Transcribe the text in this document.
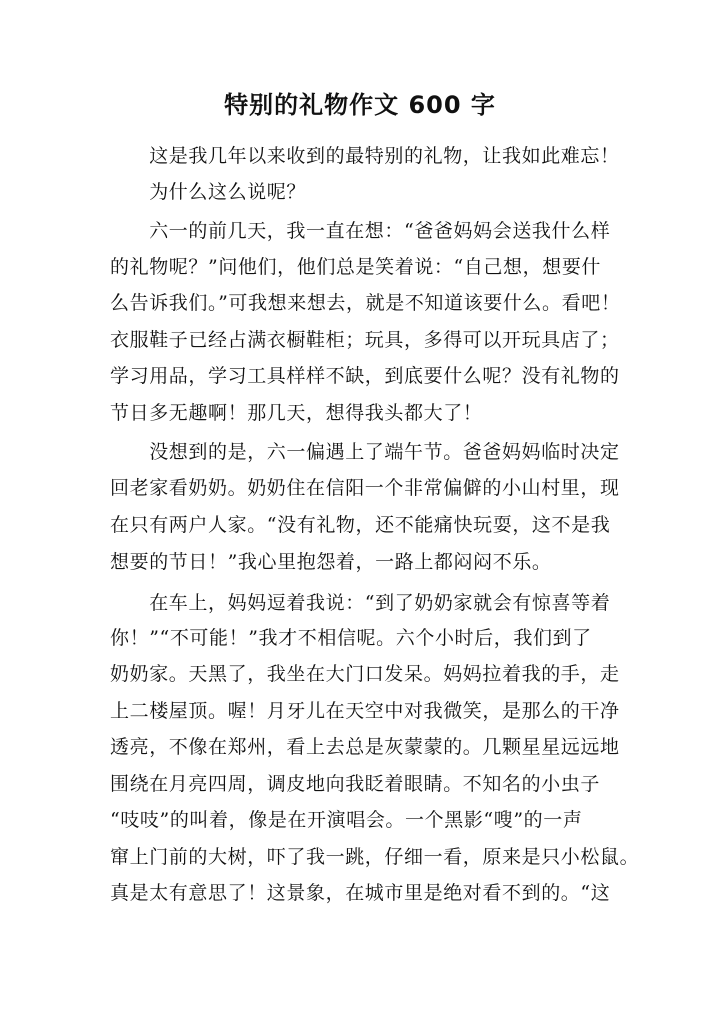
特别的礼物作文 600 字
　　这是我几年以来收到的最特别的礼物，让我如此难忘！
　　为什么这么说呢？
　　六一的前几天，我一直在想：“爸爸妈妈会送我什么样
的礼物呢？”问他们，他们总是笑着说：“自己想，想要什
么告诉我们。”可我想来想去，就是不知道该要什么。看吧！
衣服鞋子已经占满衣橱鞋柜；玩具，多得可以开玩具店了；
学习用品，学习工具样样不缺，到底要什么呢？没有礼物的
节日多无趣啊！那几天，想得我头都大了！
　　没想到的是，六一偏遇上了端午节。爸爸妈妈临时决定
回老家看奶奶。奶奶住在信阳一个非常偏僻的小山村里，现
在只有两户人家。“没有礼物，还不能痛快玩耍，这不是我
想要的节日！”我心里抱怨着，一路上都闷闷不乐。
　　在车上，妈妈逗着我说：“到了奶奶家就会有惊喜等着
你！”“不可能！”我才不相信呢。六个小时后，我们到了
奶奶家。天黑了，我坐在大门口发呆。妈妈拉着我的手，走
上二楼屋顶。喔！月牙儿在天空中对我微笑，是那么的干净
透亮，不像在郑州，看上去总是灰蒙蒙的。几颗星星远远地
围绕在月亮四周，调皮地向我眨着眼睛。不知名的小虫子
“吱吱”的叫着，像是在开演唱会。一个黑影“嗖”的一声
窜上门前的大树，吓了我一跳，仔细一看，原来是只小松鼠。
真是太有意思了！这景象，在城市里是绝对看不到的。“这
